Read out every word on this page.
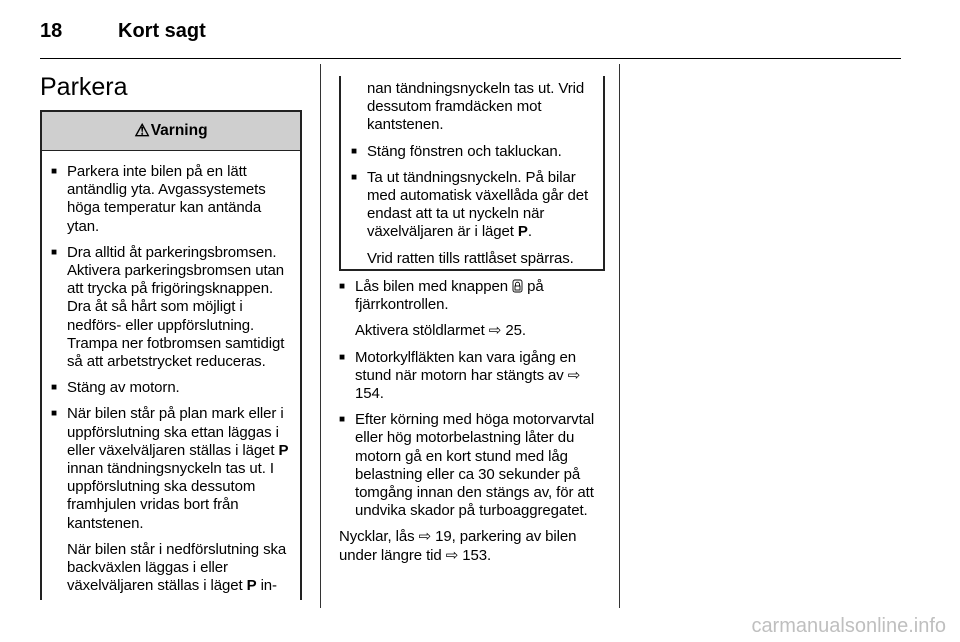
18	Kort sagt
Parkera
⚠ Varning
■ Parkera inte bilen på en lätt antändlig yta. Avgassystemets höga temperatur kan antända ytan.
■ Dra alltid åt parkeringsbromsen. Aktivera parkeringsbromsen utan att trycka på frigöringsknappen. Dra åt så hårt som möjligt i nedförs- eller uppförslutning. Trampa ner fotbromsen samtidigt så att arbetstrycket reduceras.
■ Stäng av motorn.
■ När bilen står på plan mark eller i uppförslutning ska ettan läggas i eller växelväljaren ställas i läget P innan tändningsnyckeln tas ut. I uppförslutning ska dessutom framhjulen vridas bort från kantstenen.
När bilen står i nedförslutning ska backväxlen läggas i eller växelväljaren ställas i läget P in-
nan tändningsnyckeln tas ut. Vrid dessutom framdäcken mot kantstenen.
■ Stäng fönstren och takluckan.
■ Ta ut tändningsnyckeln. På bilar med automatisk växellåda går det endast att ta ut nyckeln när växelväljaren är i läget P.
Vrid ratten tills rattlåset spärras.
■ Lås bilen med knappen  på fjärrkontrollen.
Aktivera stöldlarmet ⇨ 25.
■ Motorkylfläkten kan vara igång en stund när motorn har stängts av ⇨ 154.
■ Efter körning med höga motorvarvtal eller hög motorbelastning låter du motorn gå en kort stund med låg belastning eller ca 30 sekunder på tomgång innan den stängs av, för att undvika skador på turboaggregatet.
Nycklar, lås ⇨ 19, parkering av bilen under längre tid ⇨ 153.
carmanualsonline.info
